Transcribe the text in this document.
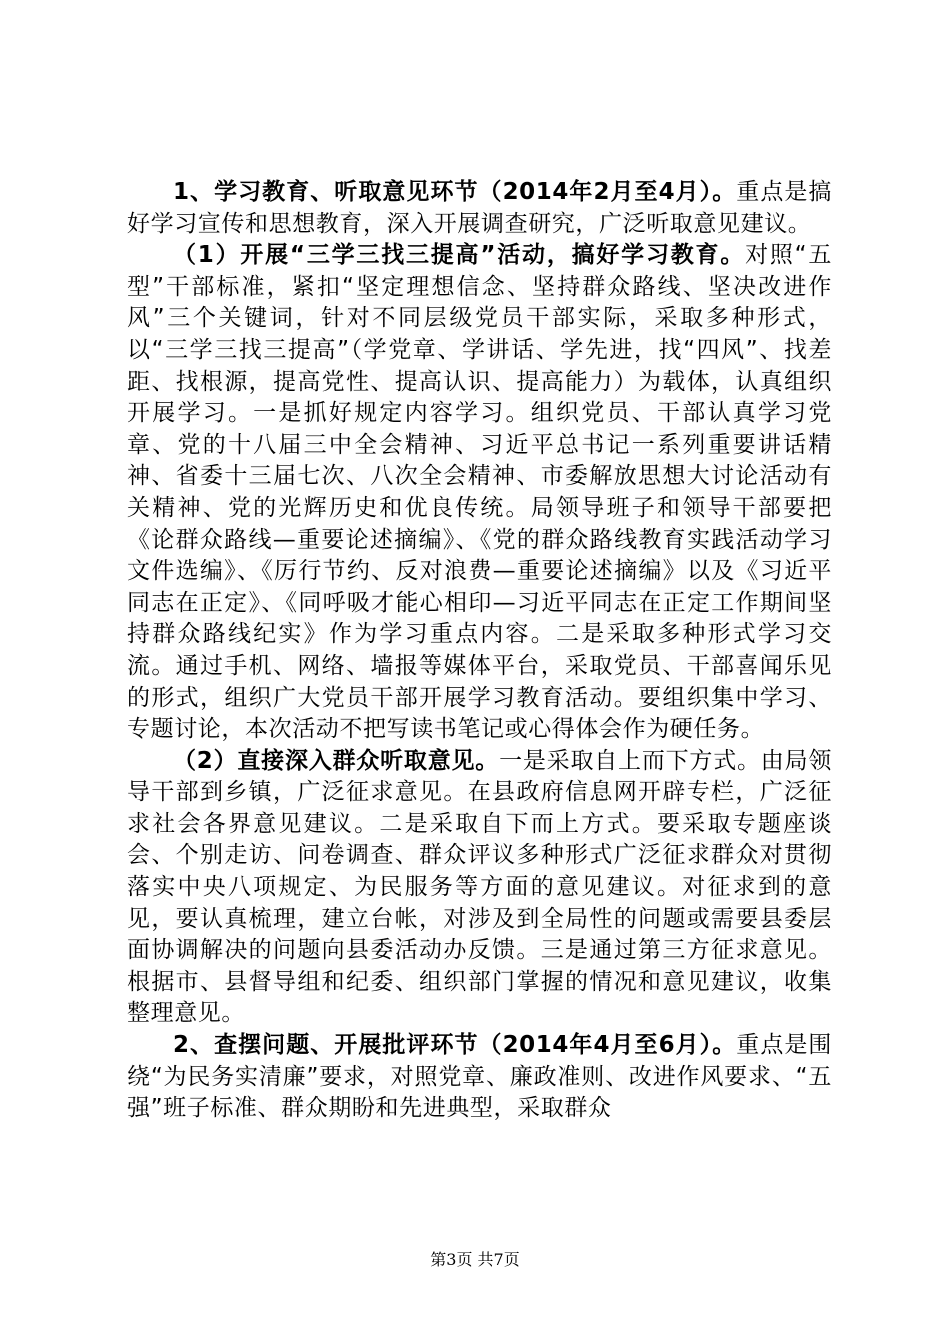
1、学习教育、听取意见环节（2014年2月至4月）。重点是搞好学习宣传和思想教育，深入开展调查研究，广泛听取意见建议。

（1）开展“三学三找三提高”活动，搞好学习教育。对照“五型”干部标准，紧扣“坚定理想信念、坚持群众路线、坚决改进作风”三个关键词，针对不同层级党员干部实际，采取多种形式，以“三学三找三提高”（学党章、学讲话、学先进，找“四风”、找差距、找根源，提高党性、提高认识、提高能力）为载体，认真组织开展学习。一是抓好规定内容学习。组织党员、干部认真学习党章、党的十八届三中全会精神、习近平总书记一系列重要讲话精神、省委十三届七次、八次全会精神、市委解放思想大讨论活动有关精神、党的光辉历史和优良传统。局领导班子和领导干部要把《论群众路线—重要论述摘编》、《党的群众路线教育实践活动学习文件选编》、《厉行节约、反对浪费—重要论述摘编》以及《习近平同志在正定》、《同呼吸才能心相印—习近平同志在正定工作期间坚持群众路线纪实》作为学习重点内容。二是采取多种形式学习交流。通过手机、网络、墙报等媒体平台，采取党员、干部喜闻乐见的形式，组织广大党员干部开展学习教育活动。要组织集中学习、专题讨论，本次活动不把写读书笔记或心得体会作为硬任务。

（2）直接深入群众听取意见。一是采取自上而下方式。由局领导干部到乡镇，广泛征求意见。在县政府信息网开辟专栏，广泛征求社会各界意见建议。二是采取自下而上方式。要采取专题座谈会、个别走访、问卷调查、群众评议多种形式广泛征求群众对贯彻落实中央八项规定、为民服务等方面的意见建议。对征求到的意见，要认真梳理，建立台帐，对涉及到全局性的问题或需要县委层面协调解决的问题向县委活动办反馈。三是通过第三方征求意见。根据市、县督导组和纪委、组织部门掌握的情况和意见建议，收集整理意见。

2、查摆问题、开展批评环节（2014年4月至6月）。重点是围绕“为民务实清廉”要求，对照党章、廉政准则、改进作风要求、“五强”班子标准、群众期盼和先进典型，采取群众

第3页 共7页
